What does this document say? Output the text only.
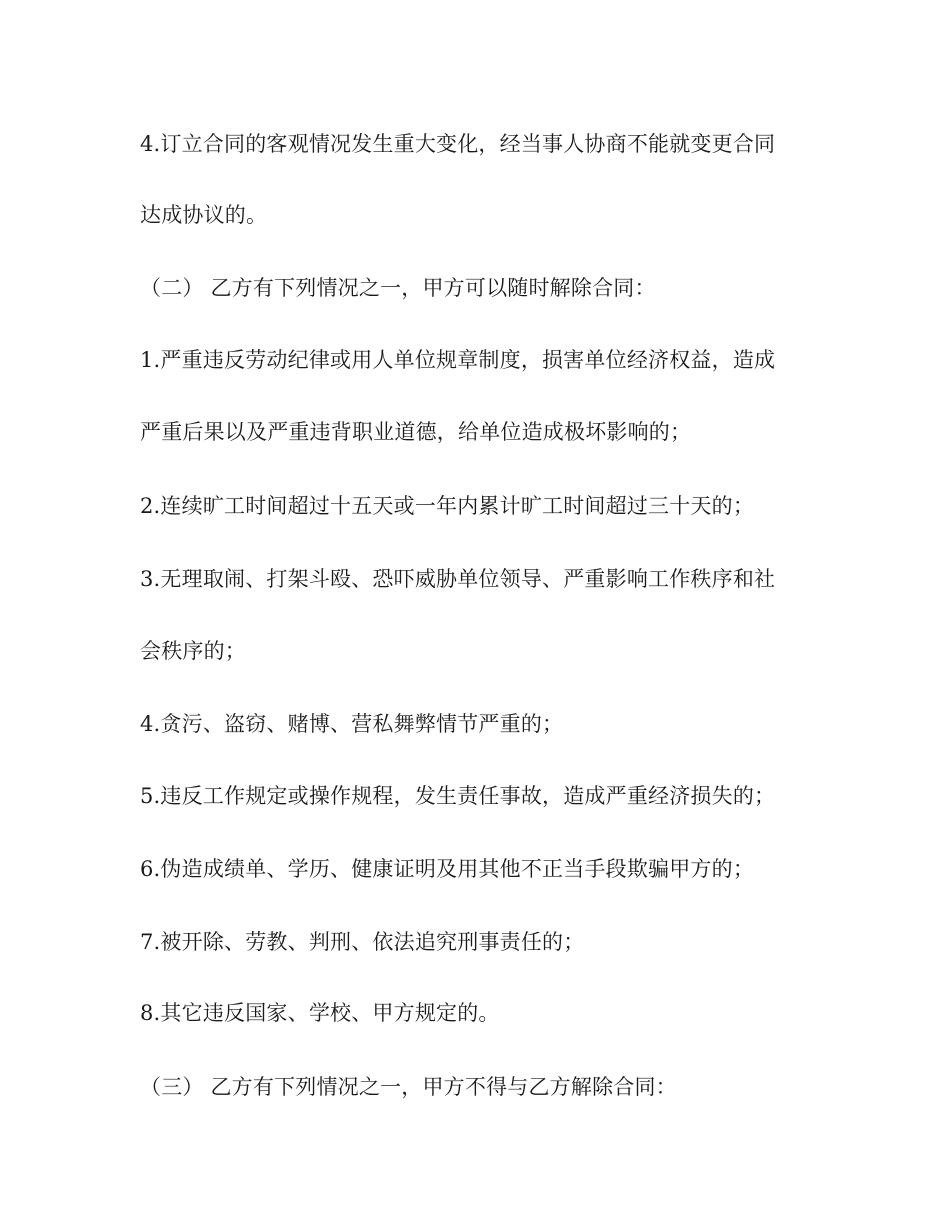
4.订立合同的客观情况发生重大变化，经当事人协商不能就变更合同
达成协议的。
（二） 乙方有下列情况之一，甲方可以随时解除合同：
1.严重违反劳动纪律或用人单位规章制度，损害单位经济权益，造成
严重后果以及严重违背职业道德，给单位造成极坏影响的；
2.连续旷工时间超过十五天或一年内累计旷工时间超过三十天的；
3.无理取闹、打架斗殴、恐吓威胁单位领导、严重影响工作秩序和社
会秩序的；
4.贪污、盗窃、赌博、营私舞弊情节严重的；
5.违反工作规定或操作规程，发生责任事故，造成严重经济损失的；
6.伪造成绩单、学历、健康证明及用其他不正当手段欺骗甲方的；
7.被开除、劳教、判刑、依法追究刑事责任的；
8.其它违反国家、学校、甲方规定的。
（三） 乙方有下列情况之一，甲方不得与乙方解除合同：
